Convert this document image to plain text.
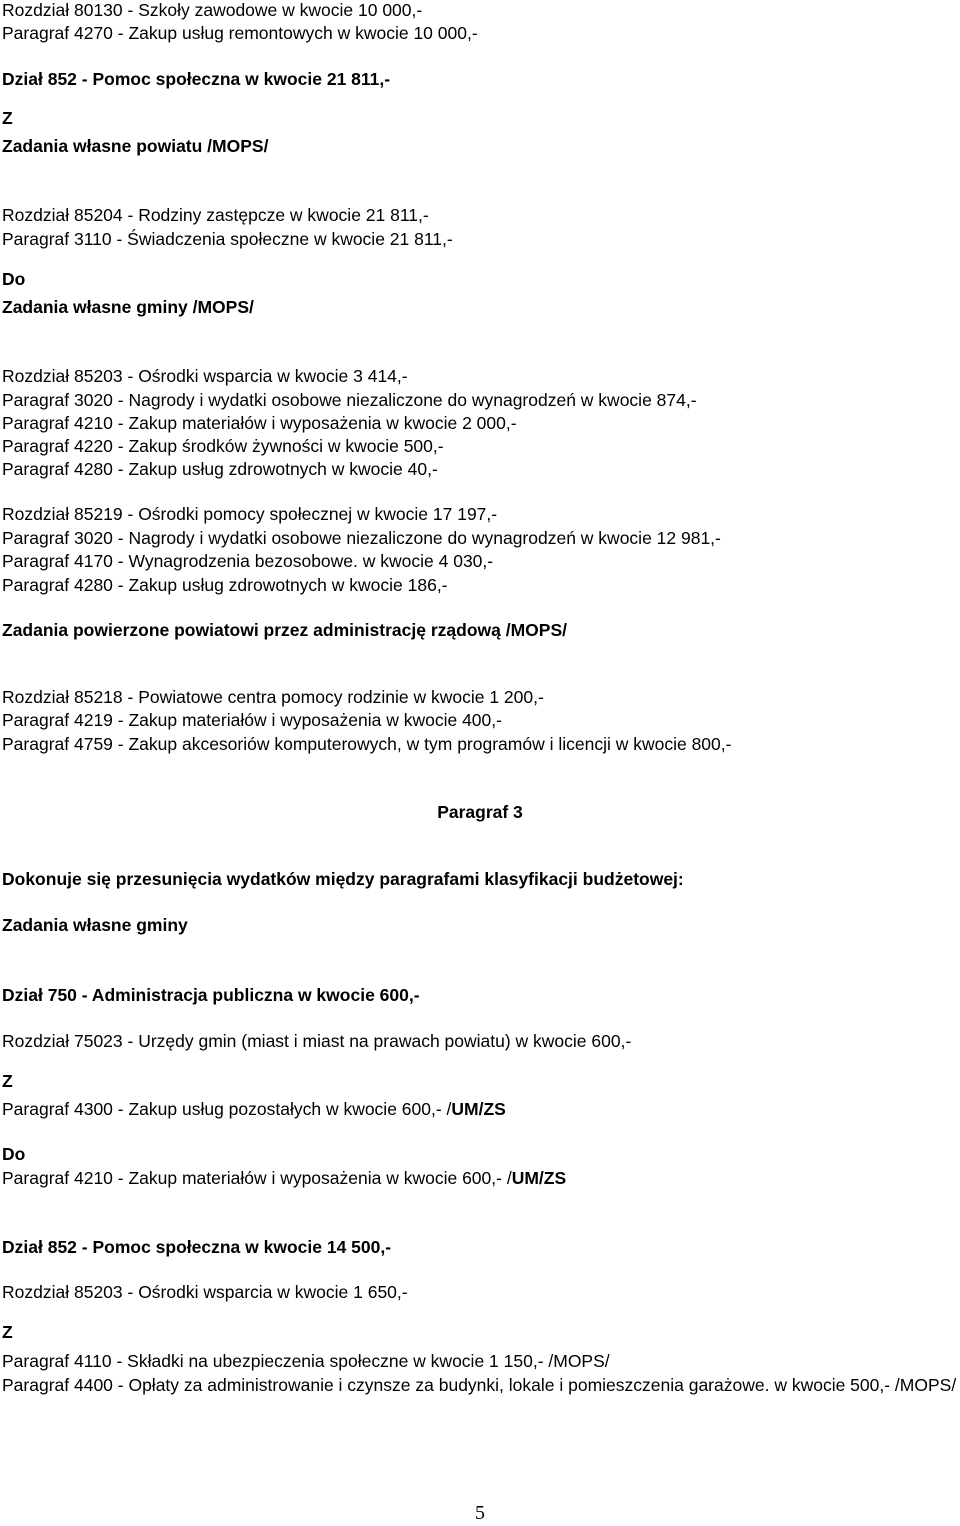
Rozdział 80130 - Szkoły zawodowe w kwocie 10 000,-

Paragraf 4270 - Zakup usług remontowych w kwocie 10 000,-

Dział 852 - Pomoc społeczna w kwocie 21 811,-

Z

Zadania własne powiatu /MOPS/

Rozdział 85204 - Rodziny zastępcze w kwocie 21 811,-

Paragraf 3110 - Świadczenia społeczne w kwocie 21 811,-

Do

Zadania własne gminy /MOPS/

Rozdział 85203 - Ośrodki wsparcia w kwocie 3 414,-

Paragraf 3020 - Nagrody i wydatki osobowe niezaliczone do wynagrodzeń w kwocie 874,-

Paragraf 4210 - Zakup materiałów i wyposażenia w kwocie 2 000,-

Paragraf 4220 - Zakup środków żywności w kwocie 500,-

Paragraf 4280 - Zakup usług zdrowotnych w kwocie 40,-

Rozdział 85219 - Ośrodki pomocy społecznej w kwocie 17 197,-

Paragraf 3020 - Nagrody i wydatki osobowe niezaliczone do wynagrodzeń w kwocie 12 981,-

Paragraf 4170 - Wynagrodzenia bezosobowe. w kwocie 4 030,-

Paragraf 4280 - Zakup usług zdrowotnych w kwocie 186,-

Zadania powierzone powiatowi przez administrację rządową /MOPS/

Rozdział 85218 - Powiatowe centra pomocy rodzinie w kwocie 1 200,-

Paragraf 4219 - Zakup materiałów i wyposażenia w kwocie 400,-

Paragraf 4759 - Zakup akcesoriów komputerowych, w tym programów i licencji w kwocie 800,-

Paragraf 3

Dokonuje się przesunięcia wydatków między paragrafami klasyfikacji budżetowej:

Zadania własne gminy

Dział 750 - Administracja publiczna w kwocie 600,-

Rozdział 75023 - Urzędy gmin (miast i miast na prawach powiatu) w kwocie 600,-

Z

Paragraf 4300 - Zakup usług pozostałych w kwocie 600,- /UM/ZS

Do

Paragraf 4210 - Zakup materiałów i wyposażenia w kwocie 600,- /UM/ZS

Dział 852 - Pomoc społeczna w kwocie 14 500,-

Rozdział 85203 - Ośrodki wsparcia w kwocie 1 650,-

Z

Paragraf 4110 - Składki na ubezpieczenia społeczne w kwocie 1 150,- /MOPS/

Paragraf 4400 - Opłaty za administrowanie i czynsze za budynki, lokale i pomieszczenia garażowe. w kwocie 500,- /MOPS/

5
